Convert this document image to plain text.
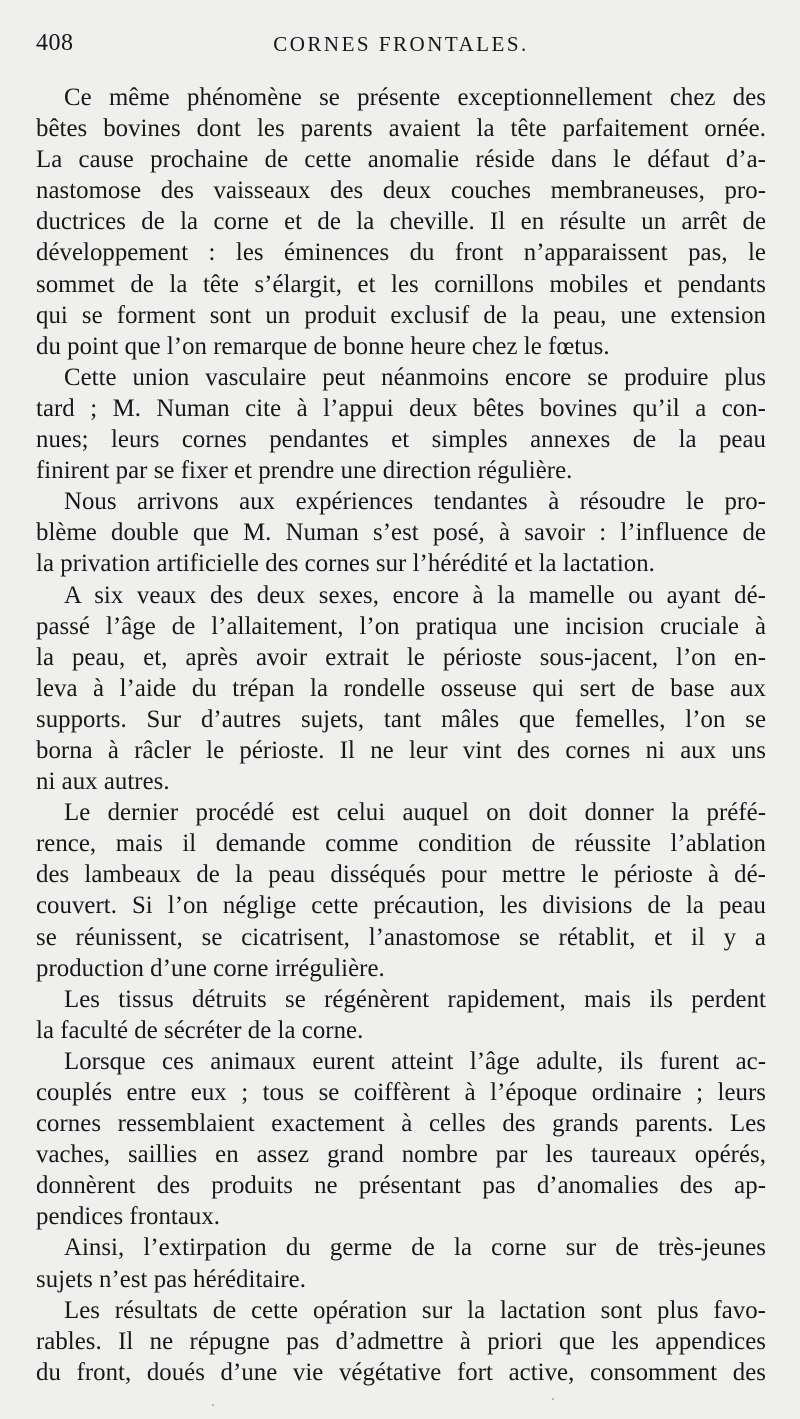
408	CORNES FRONTALES.
Ce même phénomène se présente exceptionnellement chez des
bêtes bovines dont les parents avaient la tête parfaitement ornée.
La cause prochaine de cette anomalie réside dans le défaut d’a-
nastomose des vaisseaux des deux couches membraneuses, pro-
ductrices de la corne et de la cheville. Il en résulte un arrêt de
développement : les éminences du front n’apparaissent pas, le
sommet de la tête s’élargit, et les cornillons mobiles et pendants
qui se forment sont un produit exclusif de la peau, une extension
du point que l’on remarque de bonne heure chez le fœtus.
Cette union vasculaire peut néanmoins encore se produire plus
tard ; M. Numan cite à l’appui deux bêtes bovines qu’il a con-
nues; leurs cornes pendantes et simples annexes de la peau
finirent par se fixer et prendre une direction régulière.
Nous arrivons aux expériences tendantes à résoudre le pro-
blème double que M. Numan s’est posé, à savoir : l’influence de
la privation artificielle des cornes sur l’hérédité et la lactation.
A six veaux des deux sexes, encore à la mamelle ou ayant dé-
passé l’âge de l’allaitement, l’on pratiqua une incision cruciale à
la peau, et, après avoir extrait le périoste sous-jacent, l’on en-
leva à l’aide du trépan la rondelle osseuse qui sert de base aux
supports. Sur d’autres sujets, tant mâles que femelles, l’on se
borna à râcler le périoste. Il ne leur vint des cornes ni aux uns
ni aux autres.
Le dernier procédé est celui auquel on doit donner la préfé-
rence, mais il demande comme condition de réussite l’ablation
des lambeaux de la peau disséqués pour mettre le périoste à dé-
couvert. Si l’on néglige cette précaution, les divisions de la peau
se réunissent, se cicatrisent, l’anastomose se rétablit, et il y a
production d’une corne irrégulière.
Les tissus détruits se régénèrent rapidement, mais ils perdent
la faculté de sécréter de la corne.
Lorsque ces animaux eurent atteint l’âge adulte, ils furent ac-
couplés entre eux ; tous se coiffèrent à l’époque ordinaire ; leurs
cornes ressemblaient exactement à celles des grands parents. Les
vaches, saillies en assez grand nombre par les taureaux opérés,
donnèrent des produits ne présentant pas d’anomalies des ap-
pendices frontaux.
Ainsi, l’extirpation du germe de la corne sur de très-jeunes
sujets n’est pas héréditaire.
Les résultats de cette opération sur la lactation sont plus favo-
rables. Il ne répugne pas d’admettre à priori que les appendices
du front, doués d’une vie végétative fort active, consomment des
